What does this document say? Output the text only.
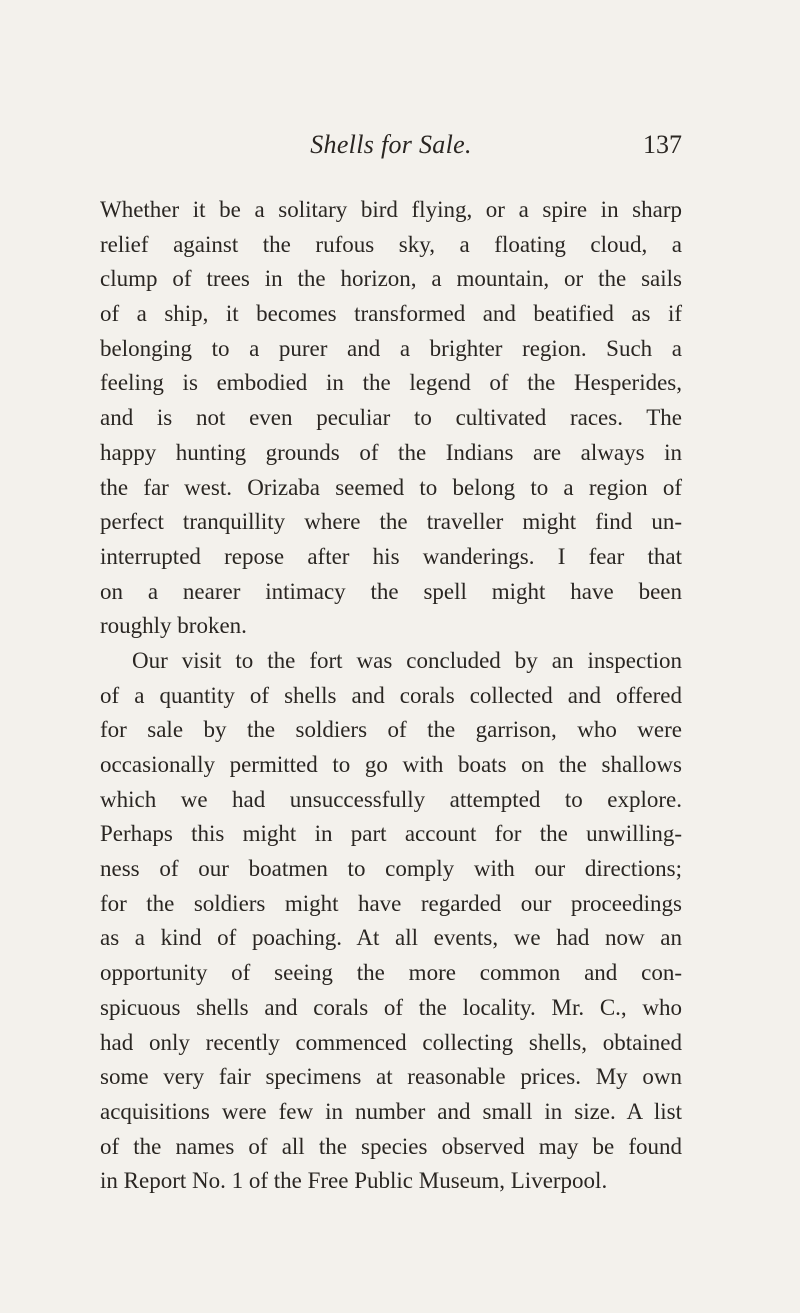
Shells for Sale.	137
Whether it be a solitary bird flying, or a spire in sharp
relief against the rufous sky, a floating cloud, a
clump of trees in the horizon, a mountain, or the sails
of a ship, it becomes transformed and beatified as if
belonging to a purer and a brighter region. Such a
feeling is embodied in the legend of the Hesperides,
and is not even peculiar to cultivated races. The
happy hunting grounds of the Indians are always in
the far west. Orizaba seemed to belong to a region of
perfect tranquillity where the traveller might find un-
interrupted repose after his wanderings. I fear that
on a nearer intimacy the spell might have been
roughly broken.
Our visit to the fort was concluded by an inspection
of a quantity of shells and corals collected and offered
for sale by the soldiers of the garrison, who were
occasionally permitted to go with boats on the shallows
which we had unsuccessfully attempted to explore.
Perhaps this might in part account for the unwilling-
ness of our boatmen to comply with our directions;
for the soldiers might have regarded our proceedings
as a kind of poaching. At all events, we had now an
opportunity of seeing the more common and con-
spicuous shells and corals of the locality. Mr. C., who
had only recently commenced collecting shells, obtained
some very fair specimens at reasonable prices. My own
acquisitions were few in number and small in size. A list
of the names of all the species observed may be found
in Report No. 1 of the Free Public Museum, Liverpool.
